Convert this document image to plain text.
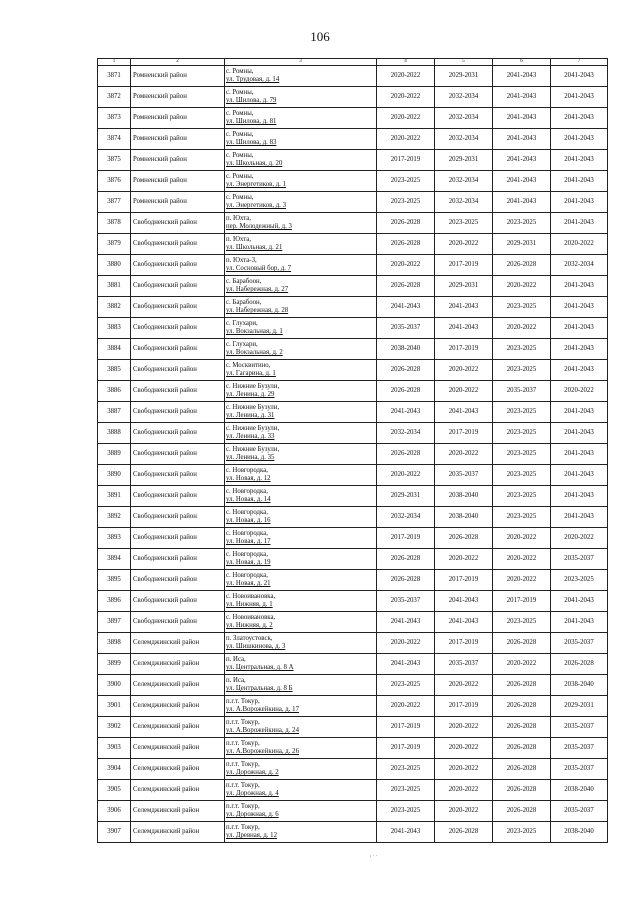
106
1	2	3	4	5	6	7
3871	Ромненский район	с. Ромны,
ул. Трудовая, д. 14	2020-2022	2029-2031	2041-2043	2041-2043
3872	Ромненский район	с. Ромны,
ул. Шилова, д. 79	2020-2022	2032-2034	2041-2043	2041-2043
3873	Ромненский район	с. Ромны,
ул. Шилова, д. 81	2020-2022	2032-2034	2041-2043	2041-2043
3874	Ромненский район	с. Ромны,
ул. Шилова, д. 83	2020-2022	2032-2034	2041-2043	2041-2043
3875	Ромненский район	с. Ромны,
ул. Школьная, д. 20	2017-2019	2029-2031	2041-2043	2041-2043
3876	Ромненский район	с. Ромны,
ул. Энергетиков, д. 1	2023-2025	2032-2034	2041-2043	2041-2043
3877	Ромненский район	с. Ромны,
ул. Энергетиков, д. 3	2023-2025	2032-2034	2041-2043	2041-2043
3878	Свободненский район	п. Юхта,
пер. Молодежный, д. 3	2026-2028	2023-2025	2023-2025	2041-2043
3879	Свободненский район	п. Юхта,
ул. Школьная, д. 21	2026-2028	2020-2022	2029-2031	2020-2022
3880	Свободненский район	п. Юхта-3,
ул. Сосновый бор, д. 7	2020-2022	2017-2019	2026-2028	2032-2034
3881	Свободненский район	с. Барабоон,
ул. Набережная, д. 27	2026-2028	2029-2031	2020-2022	2041-2043
3882	Свободненский район	с. Барабоон,
ул. Набережная, д. 28	2041-2043	2041-2043	2023-2025	2041-2043
3883	Свободненский район	с. Глухари,
ул. Вокзальная, д. 1	2035-2037	2041-2043	2020-2022	2041-2043
3884	Свободненский район	с. Глухари,
ул. Вокзальная, д. 2	2038-2040	2017-2019	2023-2025	2041-2043
3885	Свободненский район	с. Москвитино,
ул. Гагарина, д. 1	2026-2028	2020-2022	2023-2025	2041-2043
3886	Свободненский район	с. Нижние Бузули,
ул. Ленина, д. 29	2026-2028	2020-2022	2035-2037	2020-2022
3887	Свободненский район	с. Нижние Бузули,
ул. Ленина, д. 31	2041-2043	2041-2043	2023-2025	2041-2043
3888	Свободненский район	с. Нижние Бузули,
ул. Ленина, д. 33	2032-2034	2017-2019	2023-2025	2041-2043
3889	Свободненский район	с. Нижние Бузули,
ул. Ленина, д. 35	2026-2028	2020-2022	2023-2025	2041-2043
3890	Свободненский район	с. Новгородка,
ул. Новая, д. 12	2020-2022	2035-2037	2023-2025	2041-2043
3891	Свободненский район	с. Новгородка,
ул. Новая, д. 14	2029-2031	2038-2040	2023-2025	2041-2043
3892	Свободненский район	с. Новгородка,
ул. Новая, д. 16	2032-2034	2038-2040	2023-2025	2041-2043
3893	Свободненский район	с. Новгородка,
ул. Новая, д. 17	2017-2019	2026-2028	2020-2022	2020-2022
3894	Свободненский район	с. Новгородка,
ул. Новая, д. 19	2026-2028	2020-2022	2020-2022	2035-2037
3895	Свободненский район	с. Новгородка,
ул. Новая, д. 21	2026-2028	2017-2019	2020-2022	2023-2025
3896	Свободненский район	с. Новоивановка,
ул. Нижняя, д. 1	2035-2037	2041-2043	2017-2019	2041-2043
3897	Свободненский район	с. Новоивановка,
ул. Нижняя, д. 2	2041-2043	2041-2043	2023-2025	2041-2043
3898	Селемджинский район	п. Златоустовск,
ул. Шишкинова, д. 3	2020-2022	2017-2019	2026-2028	2035-2037
3899	Селемджинский район	п. Иса,
ул. Центральная, д. 8 А	2041-2043	2035-2037	2020-2022	2026-2028
3900	Селемджинский район	п. Иса,
ул. Центральная, д. 8 Б	2023-2025	2020-2022	2026-2028	2038-2040
3901	Селемджинский район	п.г.т. Токур,
ул. А.Ворожейкина, д. 17	2020-2022	2017-2019	2026-2028	2029-2031
3902	Селемджинский район	п.г.т. Токур,
ул. А.Ворожейкина, д. 24	2017-2019	2020-2022	2026-2028	2035-2037
3903	Селемджинский район	п.г.т. Токур,
ул. А.Ворожейкина, д. 26	2017-2019	2020-2022	2026-2028	2035-2037
3904	Селемджинский район	п.г.т. Токур,
ул. Дорожная, д. 2	2023-2025	2020-2022	2026-2028	2035-2037
3905	Селемджинский район	п.г.т. Токур,
ул. Дорожная, д. 4	2023-2025	2020-2022	2026-2028	2038-2040
3906	Селемджинский район	п.г.т. Токур,
ул. Дорожная, д. 6	2023-2025	2020-2022	2026-2028	2035-2037
3907	Селемджинский район	п.г.т. Токур,
ул. Древная, д. 12	2041-2043	2026-2028	2023-2025	2038-2040
, . .
